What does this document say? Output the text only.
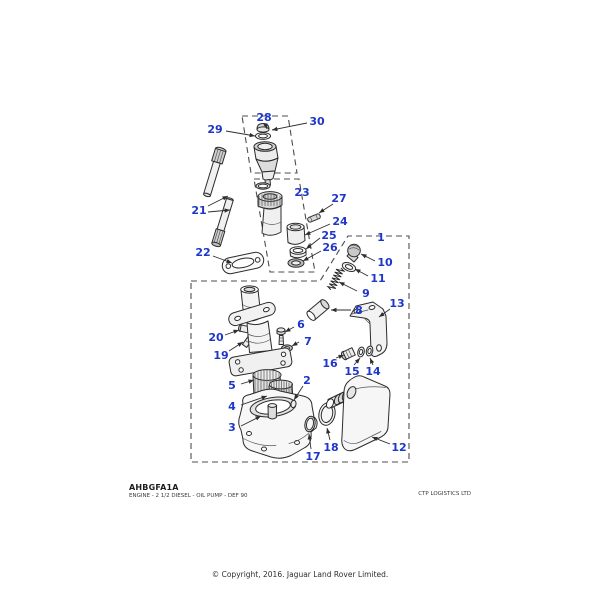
1
2
3
4
5
6
7
8
9
10
11
12
13
14
15
16
17
18
19
20
21
22
23
24
25
26
27
28
29
30
AHBGFA1A
ENGINE - 2 1/2 DIESEL - OIL PUMP - DEF 90	CTP LOGISTICS LTD
© Copyright, 2016. Jaguar Land Rover Limited.
